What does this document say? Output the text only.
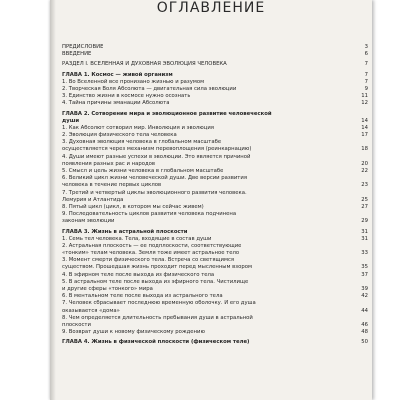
ОГЛАВЛЕНИЕ
ПРЕДИСЛОВИЕ	3
ВВЕДЕНИЕ	6
РАЗДЕЛ I. ВСЕЛЕННАЯ И ДУХОВНАЯ ЭВОЛЮЦИЯ ЧЕЛОВЕКА	7
ГЛАВА 1. Космос — живой организм	7
1. Во Вселенной все пронизано жизнью и разумом	7
2. Творческая Воля Абсолюта — двигательная сила эволюции	9
3. Единство жизни в космосе нужно осознать	11
4. Тайна причины эманации Абсолюта	12
ГЛАВА 2. Сотворение мира и эволюционное развитие человеческой
души	14
1. Как Абсолют сотворил мир. Инволюция и эволюция	14
2. Эволюция физического тела человека	17
3. Духовная эволюция человека в глобальном масштабе
осуществляется через механизм перевоплощения (реинкарнацию)	18
4. Души имеют разные успехи в эволюции. Это является причиной
появления разных рас и народов	20
5. Смысл и цель жизни человека в глобальном масштабе	22
6. Великий цикл жизни человеческой души. Две версии развития
человека в течение первых циклов	23
7. Третий и четвертый циклы эволюционного развития человека.
Лемурия и Атлантида	25
8. Пятый цикл (цикл, в котором мы сейчас живем)	27
9. Последовательность циклов развития человека подчинена
законам эволюции	29
ГЛАВА 3. Жизнь в астральной плоскости	31
1. Семь тел человека. Тела, входящие в состав души	31
2. Астральная плоскость — ее подплоскости, соответствующие
«тонким» телам человека. Земля тоже имеет астральное тело	33
3. Момент смерти физического тела. Встреча со светящимся
существом. Прошедшая жизнь проходит перед мысленным взором	35
4. В эфирном теле после выхода из физического тела	37
5. В астральном теле после выхода из эфирного тела. Чистилище
и другие сферы «тонкого» мира	39
6. В ментальном теле после выхода из астрального тела	42
7. Человек сбрасывает последнюю временную оболочку. И его душа
оказывается «дома»	44
8. Чем определяется длительность пребывания души в астральной
плоскости	46
9. Возврат души к новому физическому рождению	48
ГЛАВА 4. Жизнь в физической плоскости (физическом теле)	50
